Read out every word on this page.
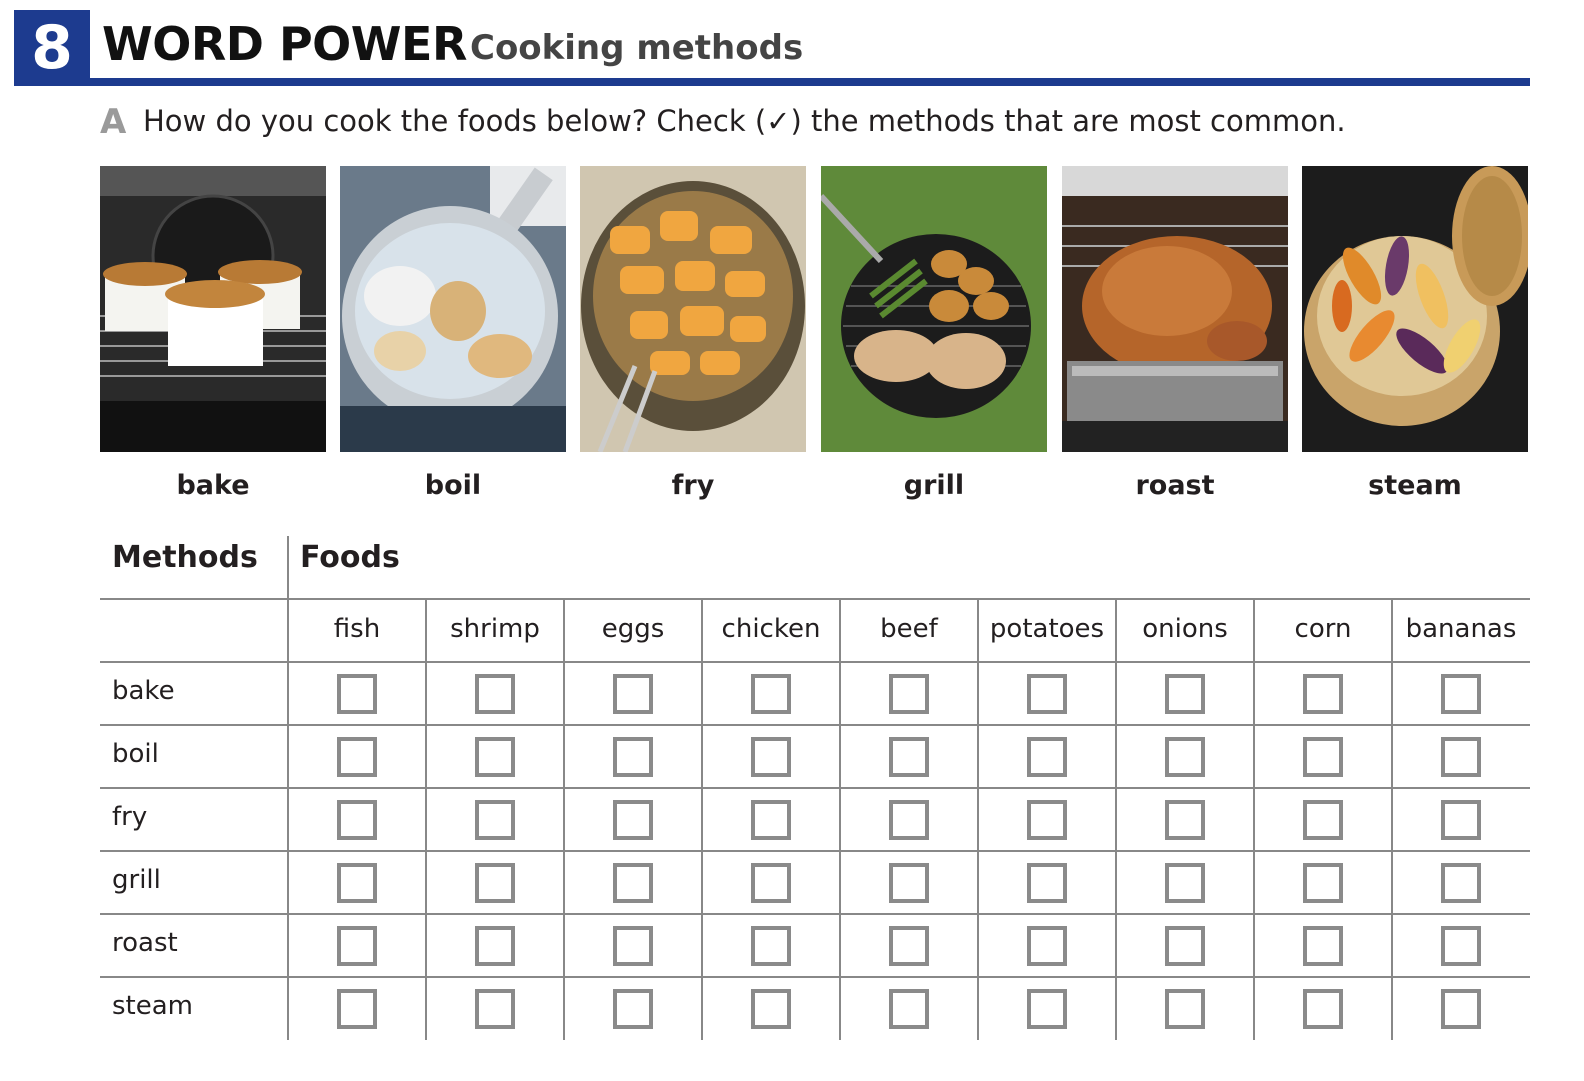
8 WORD POWER Cooking methods
A How do you cook the foods below? Check (✓) the methods that are most common.
bake	boil	fry	grill	roast	steam
Methods Foods
fish	shrimp	eggs	chicken	beef	potatoes	onions	corn	bananas
bake
boil
fry
grill
roast
steam
